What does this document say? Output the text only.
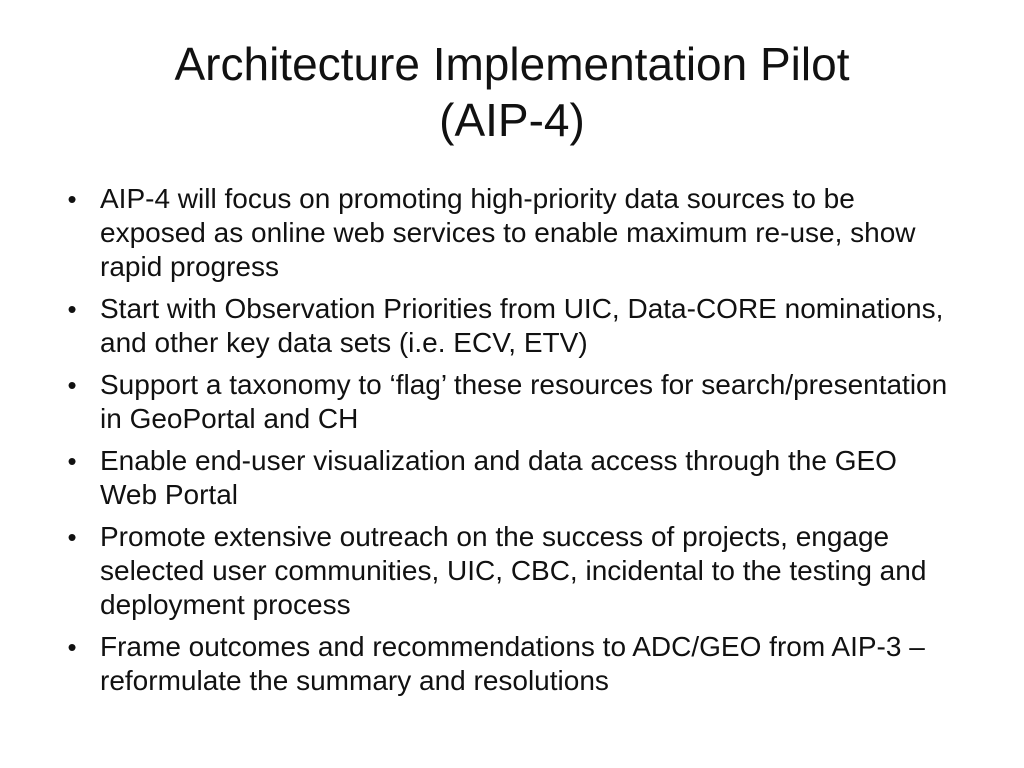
Architecture Implementation Pilot
(AIP-4)
• AIP-4 will focus on promoting high-priority data sources to be exposed as online web services to enable maximum re-use, show rapid progress
• Start with Observation Priorities from UIC, Data-CORE nominations, and other key data sets (i.e. ECV, ETV)
• Support a taxonomy to ‘flag’ these resources for search/presentation in GeoPortal and CH
• Enable end-user visualization and data access through the GEO Web Portal
• Promote extensive outreach on the success of projects, engage selected user communities, UIC, CBC, incidental to the testing and deployment process
• Frame outcomes and recommendations to ADC/GEO from AIP-3 – reformulate the summary and resolutions
